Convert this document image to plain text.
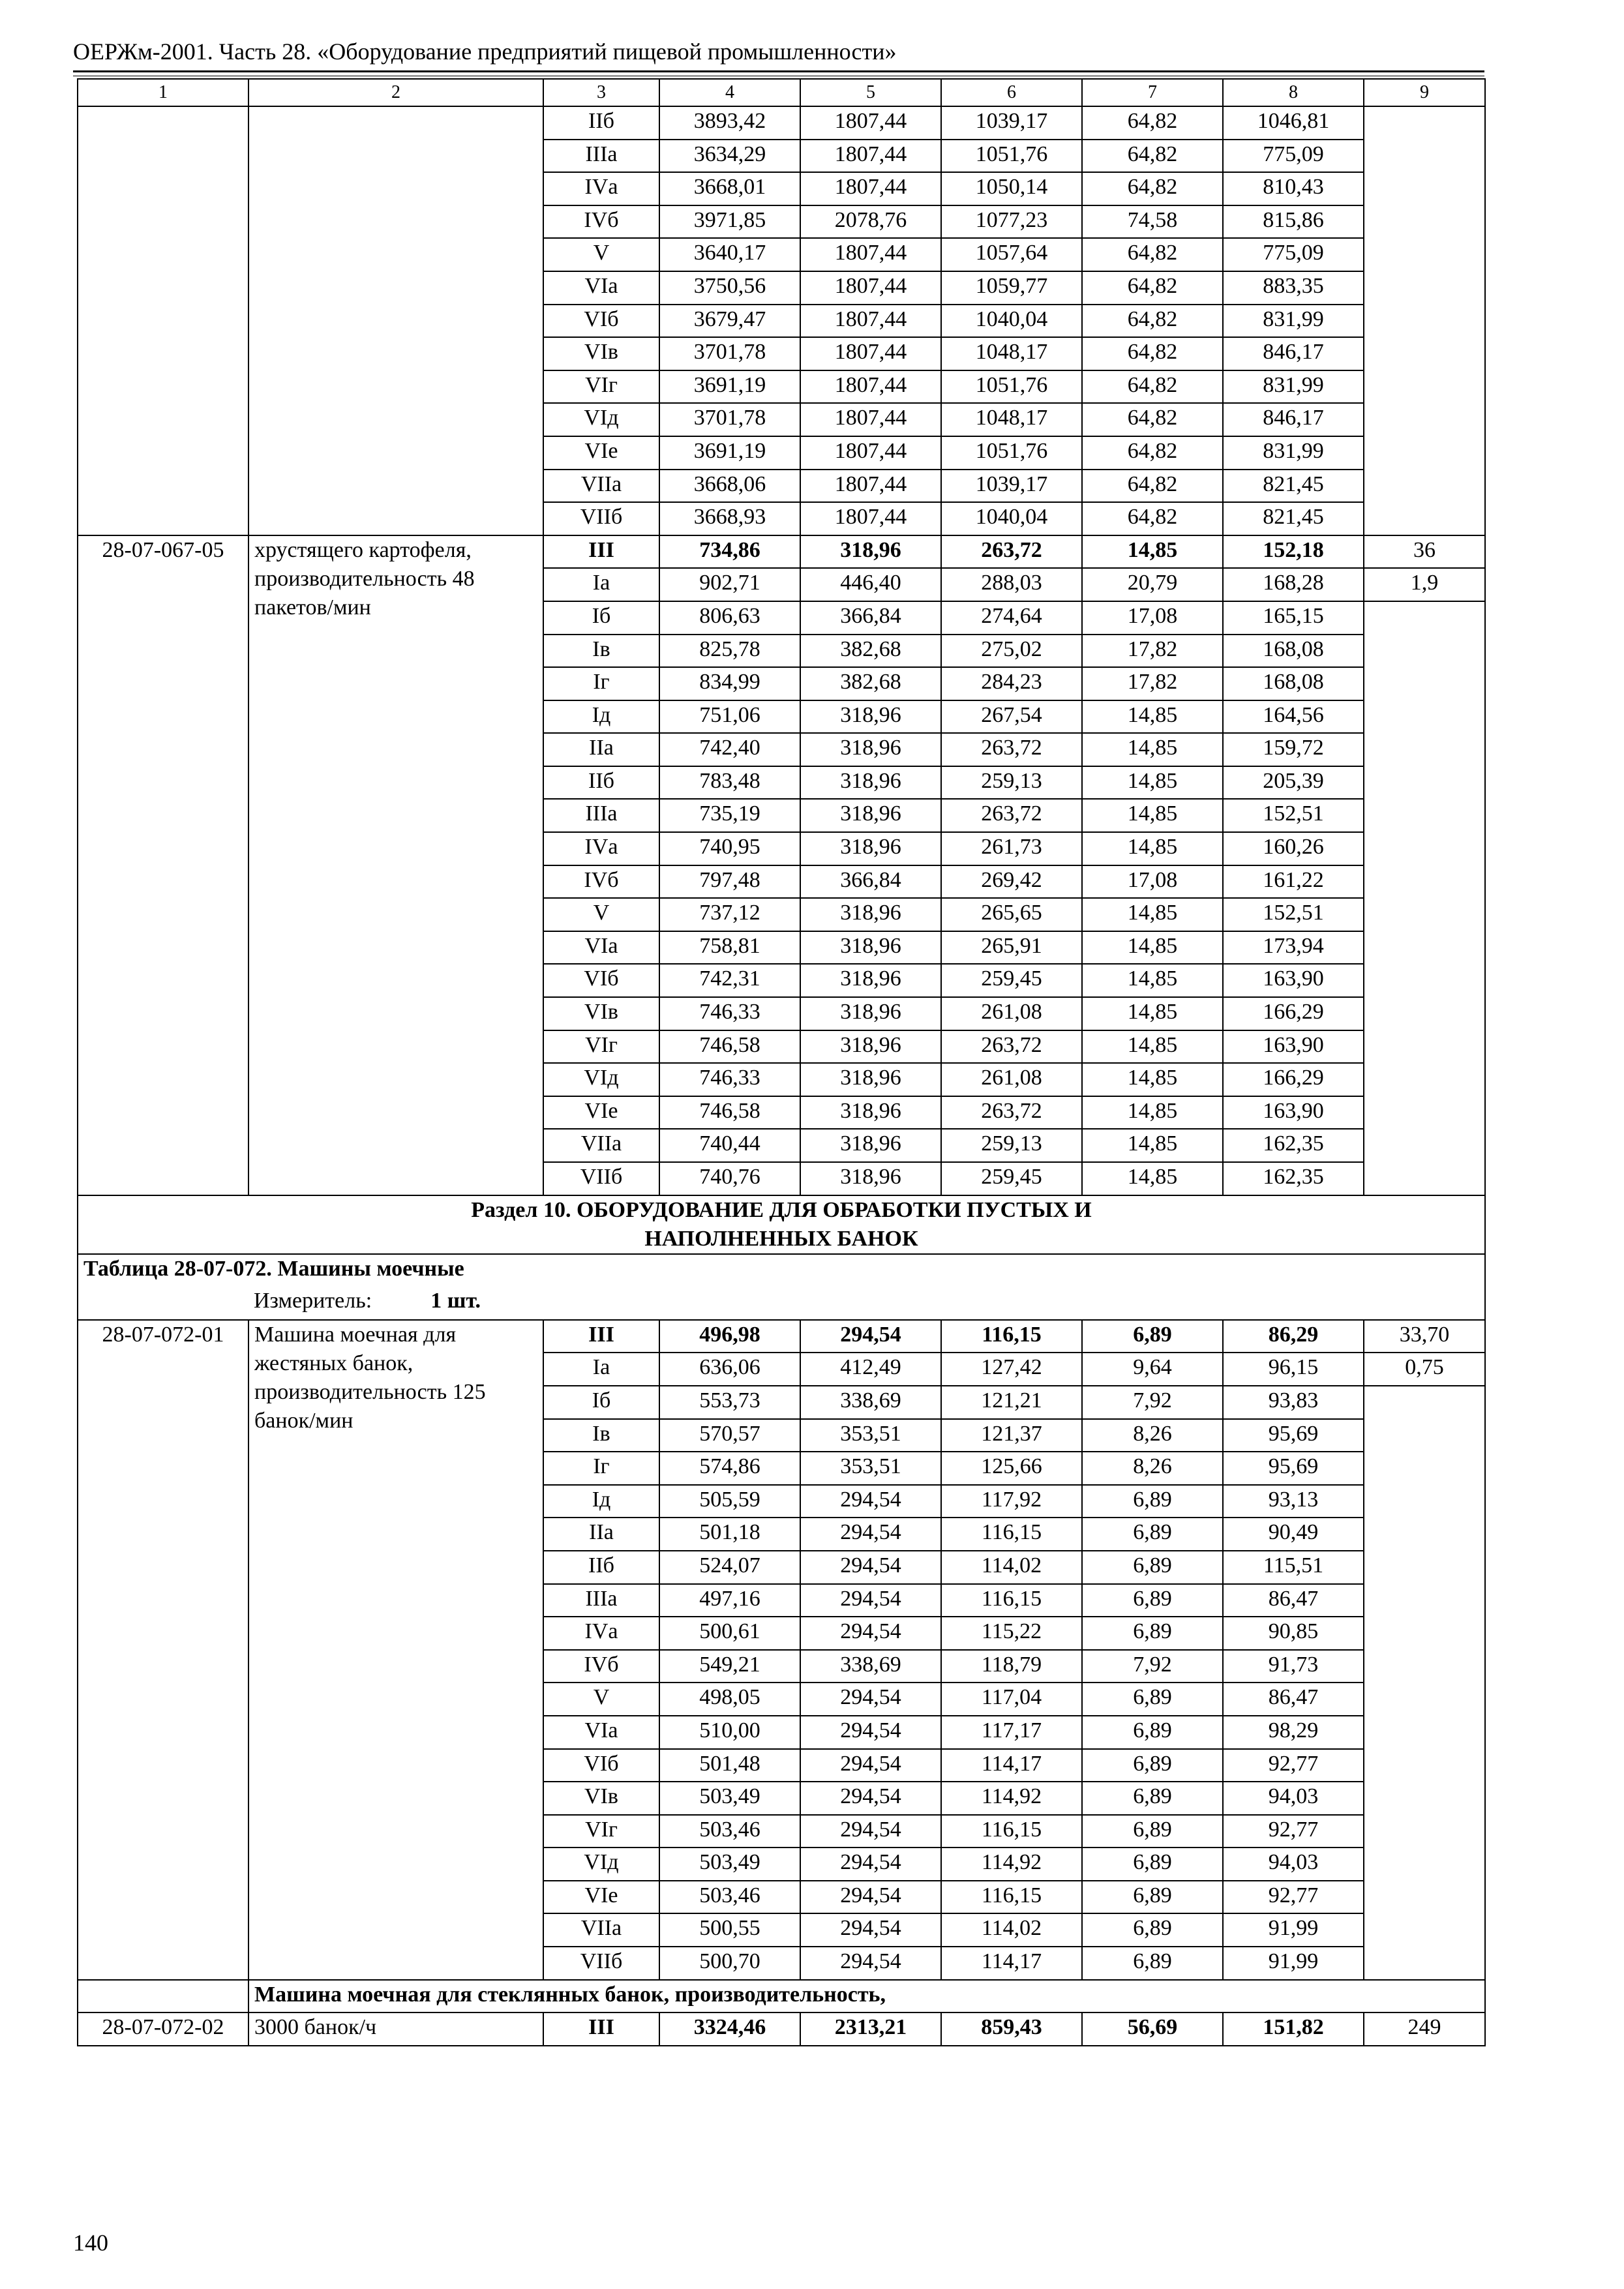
ОЕРЖм-2001. Часть 28. «Оборудование предприятий пищевой промышленности»
1	2	3	4	5	6	7	8	9
		IIб	3893,42	1807,44	1039,17	64,82	1046,81	
		IIIа	3634,29	1807,44	1051,76	64,82	775,09	
		IVа	3668,01	1807,44	1050,14	64,82	810,43	
		IVб	3971,85	2078,76	1077,23	74,58	815,86	
		V	3640,17	1807,44	1057,64	64,82	775,09	
		VIа	3750,56	1807,44	1059,77	64,82	883,35	
		VIб	3679,47	1807,44	1040,04	64,82	831,99	
		VIв	3701,78	1807,44	1048,17	64,82	846,17	
		VIг	3691,19	1807,44	1051,76	64,82	831,99	
		VIд	3701,78	1807,44	1048,17	64,82	846,17	
		VIе	3691,19	1807,44	1051,76	64,82	831,99	
		VIIа	3668,06	1807,44	1039,17	64,82	821,45	
		VIIб	3668,93	1807,44	1040,04	64,82	821,45	
28-07-067-05	хрустящего картофеля, производительность 48 пакетов/мин	III	734,86	318,96	263,72	14,85	152,18	36
		Iа	902,71	446,40	288,03	20,79	168,28	1,9
		Iб	806,63	366,84	274,64	17,08	165,15	
		Iв	825,78	382,68	275,02	17,82	168,08	
		Iг	834,99	382,68	284,23	17,82	168,08	
		Iд	751,06	318,96	267,54	14,85	164,56	
		IIа	742,40	318,96	263,72	14,85	159,72	
		IIб	783,48	318,96	259,13	14,85	205,39	
		IIIа	735,19	318,96	263,72	14,85	152,51	
		IVа	740,95	318,96	261,73	14,85	160,26	
		IVб	797,48	366,84	269,42	17,08	161,22	
		V	737,12	318,96	265,65	14,85	152,51	
		VIа	758,81	318,96	265,91	14,85	173,94	
		VIб	742,31	318,96	259,45	14,85	163,90	
		VIв	746,33	318,96	261,08	14,85	166,29	
		VIг	746,58	318,96	263,72	14,85	163,90	
		VIд	746,33	318,96	261,08	14,85	166,29	
		VIе	746,58	318,96	263,72	14,85	163,90	
		VIIа	740,44	318,96	259,13	14,85	162,35	
		VIIб	740,76	318,96	259,45	14,85	162,35	

Раздел 10. ОБОРУДОВАНИЕ ДЛЯ ОБРАБОТКИ ПУСТЫХ И
НАПОЛНЕННЫХ БАНОК								

Таблица 28-07-072. Машины моечные								
	Измеритель: 1 шт.							
28-07-072-01	Машина моечная для жестяных банок, производительность 125 банок/мин	III	496,98	294,54	116,15	6,89	86,29	33,70
		Iа	636,06	412,49	127,42	9,64	96,15	0,75
		Iб	553,73	338,69	121,21	7,92	93,83	
		Iв	570,57	353,51	121,37	8,26	95,69	
		Iг	574,86	353,51	125,66	8,26	95,69	
		Iд	505,59	294,54	117,92	6,89	93,13	
		IIа	501,18	294,54	116,15	6,89	90,49	
		IIб	524,07	294,54	114,02	6,89	115,51	
		IIIа	497,16	294,54	116,15	6,89	86,47	
		IVа	500,61	294,54	115,22	6,89	90,85	
		IVб	549,21	338,69	118,79	7,92	91,73	
		V	498,05	294,54	117,04	6,89	86,47	
		VIа	510,00	294,54	117,17	6,89	98,29	
		VIб	501,48	294,54	114,17	6,89	92,77	
		VIв	503,49	294,54	114,92	6,89	94,03	
		VIг	503,46	294,54	116,15	6,89	92,77	
		VIд	503,49	294,54	114,92	6,89	94,03	
		VIе	503,46	294,54	116,15	6,89	92,77	
		VIIа	500,55	294,54	114,02	6,89	91,99	
		VIIб	500,70	294,54	114,17	6,89	91,99	
	Машина моечная для стеклянных банок, производительность,							
28-07-072-02	3000 банок/ч	III	3324,46	2313,21	859,43	56,69	151,82	249
140
